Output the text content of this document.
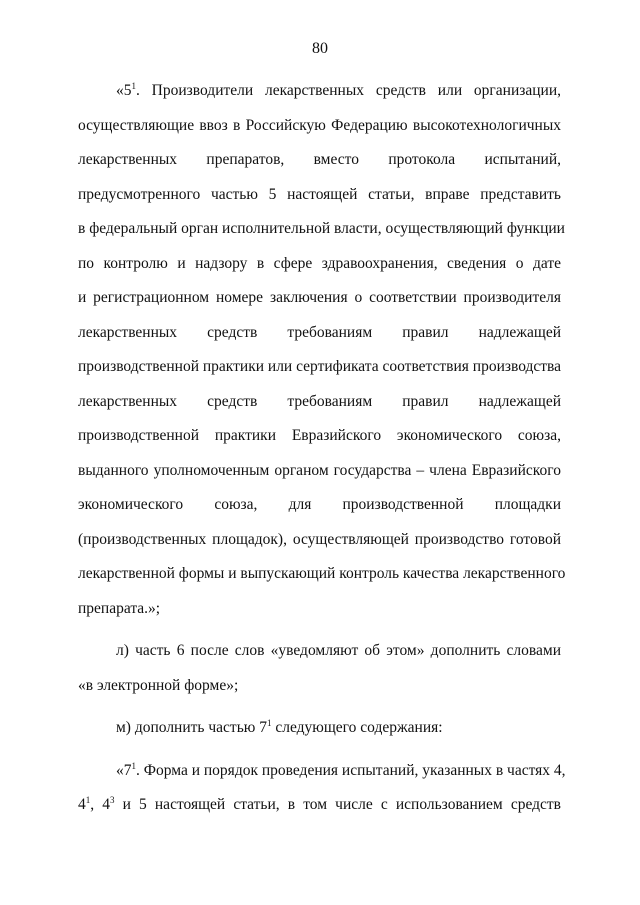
80
«$5^1$. Производители лекарственных средств или организации,
осуществляющие ввоз в Российскую Федерацию высокотехнологичных
лекарственных препаратов, вместо протокола испытаний,
предусмотренного частью 5 настоящей статьи, вправе представить
в федеральный орган исполнительной власти, осуществляющий функции
по контролю и надзору в сфере здравоохранения, сведения о дате
и регистрационном номере заключения о соответствии производителя
лекарственных средств требованиям правил надлежащей
производственной практики или сертификата соответствия производства
лекарственных средств требованиям правил надлежащей
производственной практики Евразийского экономического союза,
выданного уполномоченным органом государства – члена Евразийского
экономического союза, для производственной площадки
(производственных площадок), осуществляющей производство готовой
лекарственной формы и выпускающий контроль качества лекарственного
препарата.»;
л) часть 6 после слов «уведомляют об этом» дополнить словами
«в электронной форме»;
м) дополнить частью $7^1$ следующего содержания:
«$7^1$. Форма и порядок проведения испытаний, указанных в частях 4,
$4^1$, $4^3$ и 5 настоящей статьи, в том числе с использованием средств
